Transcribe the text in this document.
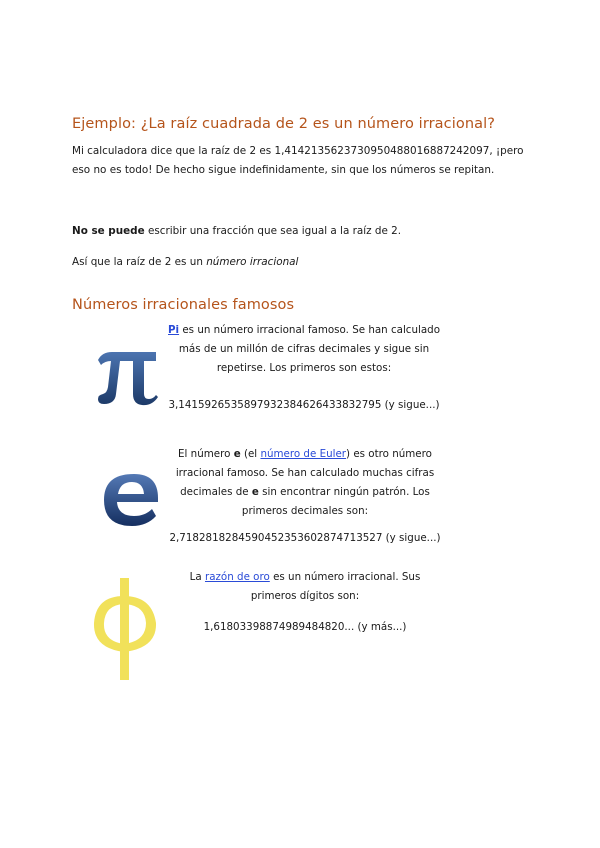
Ejemplo: ¿La raíz cuadrada de 2 es un número irracional?
Mi calculadora dice que la raíz de 2 es 1,4142135623730950488016887242097, ¡pero
eso no es todo! De hecho sigue indefinidamente, sin que los números se repitan.
No se puede escribir una fracción que sea igual a la raíz de 2.
Así que la raíz de 2 es un número irracional
Números irracionales famosos
Pi es un número irracional famoso. Se han calculado
más de un millón de cifras decimales y sigue sin
repetirse. Los primeros son estos:
3,1415926535897932384626433832795 (y sigue...)
El número e (el número de Euler) es otro número
irracional famoso. Se han calculado muchas cifras
decimales de e sin encontrar ningún patrón. Los
primeros decimales son:
2,7182818284590452353602874713527 (y sigue...)
La razón de oro es un número irracional. Sus
primeros dígitos son:
1,61803398874989484820... (y más...)
